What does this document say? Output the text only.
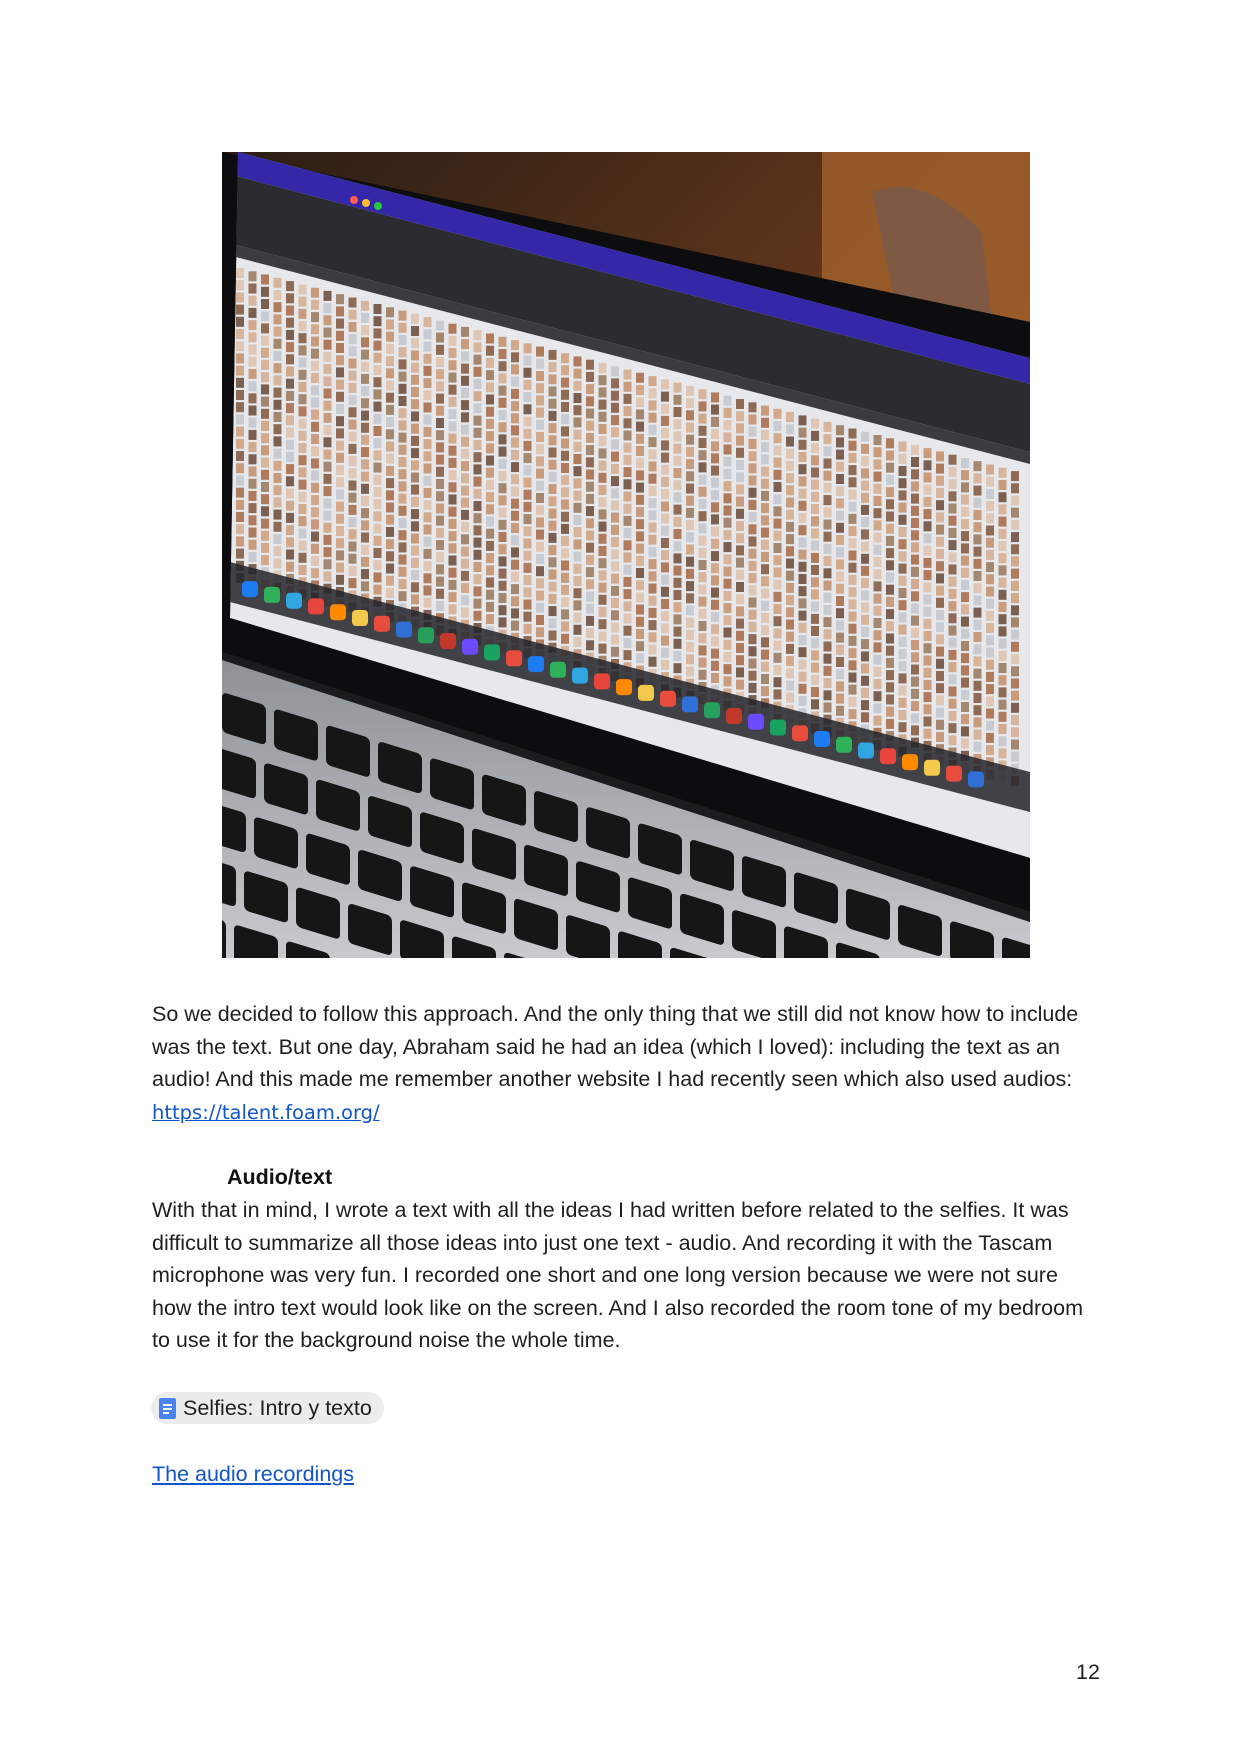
So we decided to follow this approach. And the only thing that we still did not know how to include was the text. But one day, Abraham said he had an idea (which I loved): including the text as an audio! And this made me remember another website I had recently seen which also used audios: https://talent.foam.org/

Audio/text

With that in mind, I wrote a text with all the ideas I had written before related to the selfies. It was difficult to summarize all those ideas into just one text - audio. And recording it with the Tascam microphone was very fun. I recorded one short and one long version because we were not sure how the intro text would look like on the screen. And I also recorded the room tone of my bedroom to use it for the background noise the whole time.

Selfies: Intro y texto
The audio recordings
12
